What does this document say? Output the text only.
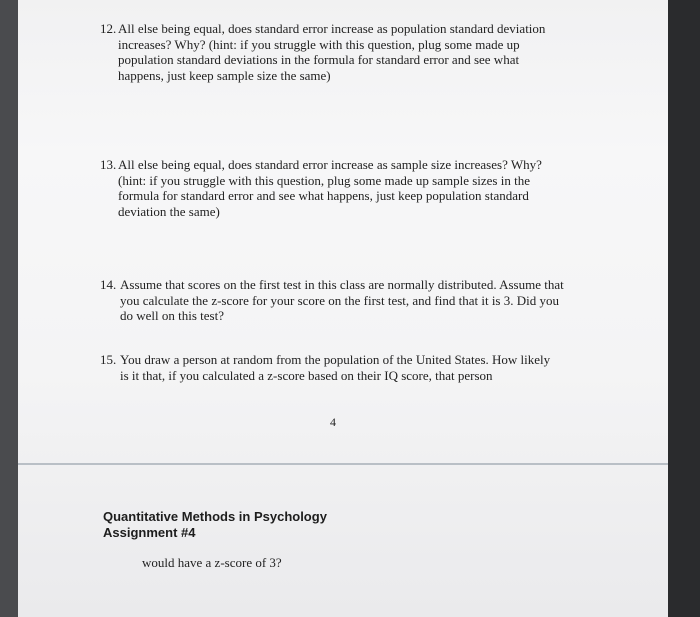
12. All else being equal, does standard error increase as population standard deviation increases? Why? (hint: if you struggle with this question, plug some made up population standard deviations in the formula for standard error and see what happens, just keep sample size the same)
13. All else being equal, does standard error increase as sample size increases? Why? (hint: if you struggle with this question, plug some made up sample sizes in the formula for standard error and see what happens, just keep population standard deviation the same)
14. Assume that scores on the first test in this class are normally distributed. Assume that you calculate the z-score for your score on the first test, and find that it is 3. Did you do well on this test?
15. You draw a person at random from the population of the United States. How likely is it that, if you calculated a z-score based on their IQ score, that person
4
Quantitative Methods in Psychology
Assignment #4
would have a z-score of 3?
